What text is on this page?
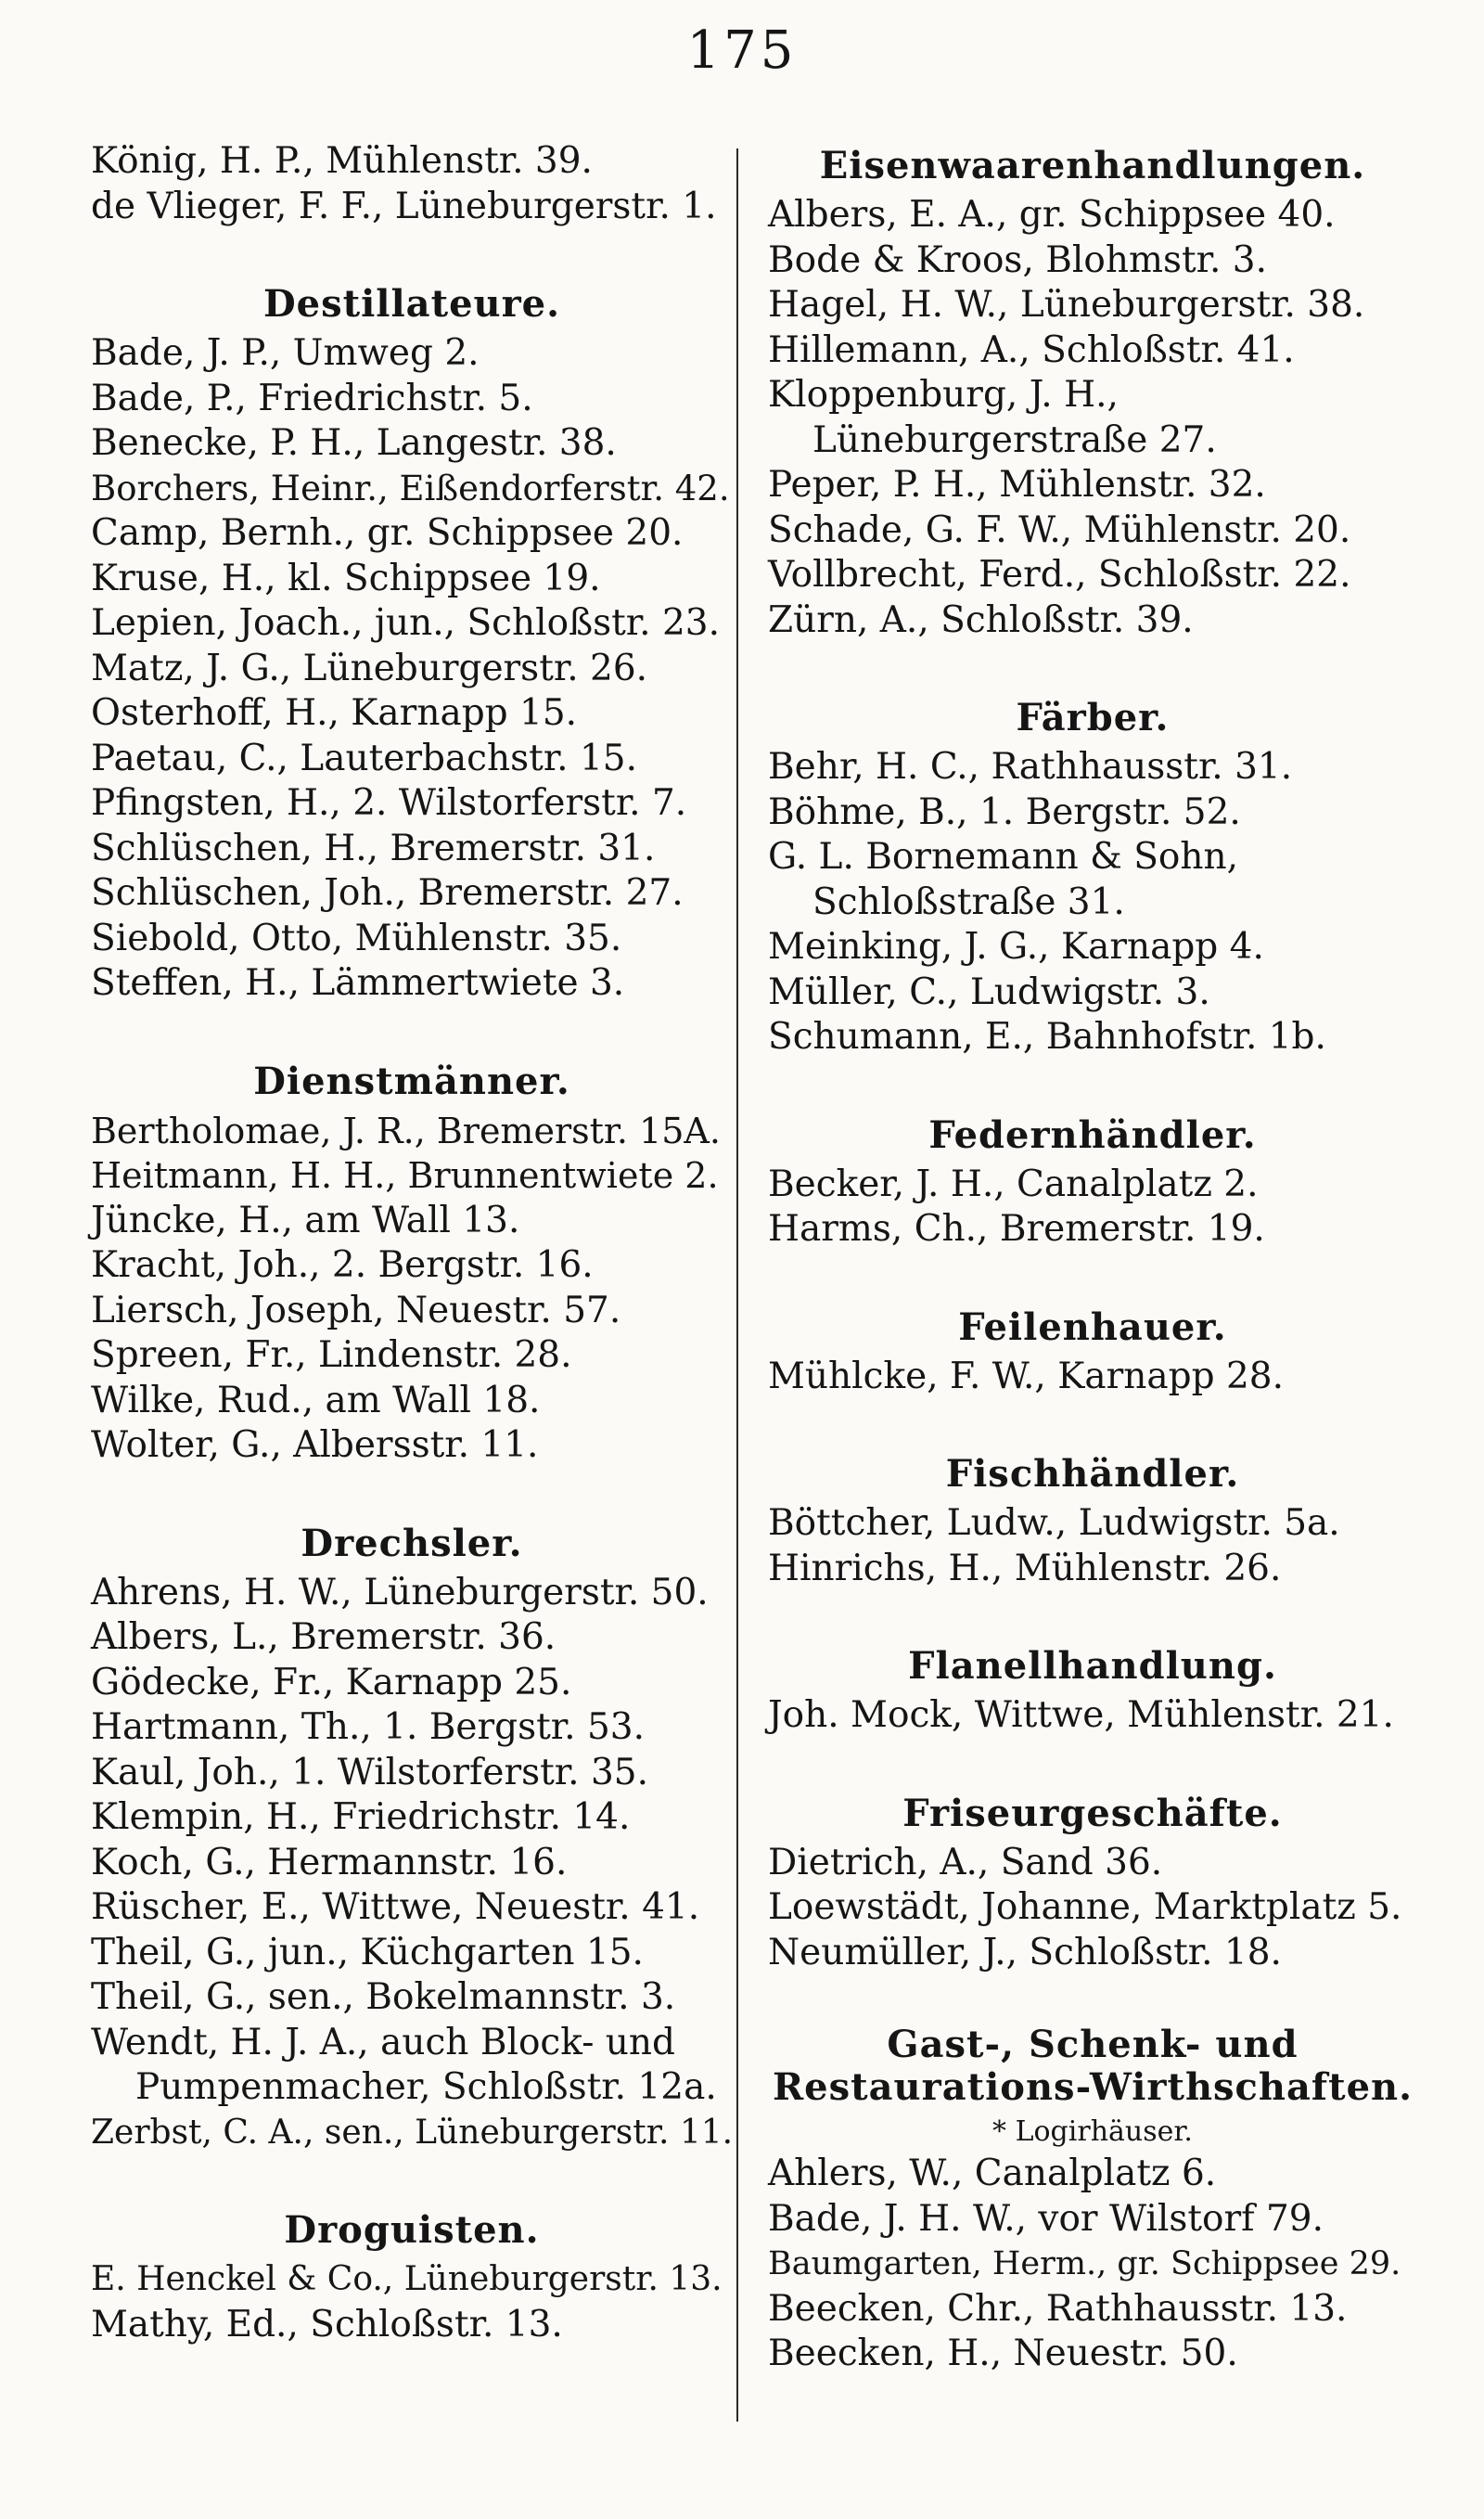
175
König, H. P., Mühlenstr. 39.
de Vlieger, F. F., Lüneburgerstr. 1.
Destillateure.
Bade, J. P., Umweg 2.
Bade, P., Friedrichstr. 5.
Benecke, P. H., Langestr. 38.
Borchers, Heinr., Eißendorferstr. 42.
Camp, Bernh., gr. Schippsee 20.
Kruse, H., kl. Schippsee 19.
Lepien, Joach., jun., Schloßstr. 23.
Matz, J. G., Lüneburgerstr. 26.
Osterhoff, H., Karnapp 15.
Paetau, C., Lauterbachstr. 15.
Pfingsten, H., 2. Wilstorferstr. 7.
Schlüschen, H., Bremerstr. 31.
Schlüschen, Joh., Bremerstr. 27.
Siebold, Otto, Mühlenstr. 35.
Steffen, H., Lämmertwiete 3.
Dienstmänner.
Bertholomae, J. R., Bremerstr. 15A.
Heitmann, H. H., Brunnentwiete 2.
Jüncke, H., am Wall 13.
Kracht, Joh., 2. Bergstr. 16.
Liersch, Joseph, Neuestr. 57.
Spreen, Fr., Lindenstr. 28.
Wilke, Rud., am Wall 18.
Wolter, G., Albersstr. 11.
Drechsler.
Ahrens, H. W., Lüneburgerstr. 50.
Albers, L., Bremerstr. 36.
Gödecke, Fr., Karnapp 25.
Hartmann, Th., 1. Bergstr. 53.
Kaul, Joh., 1. Wilstorferstr. 35.
Klempin, H., Friedrichstr. 14.
Koch, G., Hermannstr. 16.
Rüscher, E., Wittwe, Neuestr. 41.
Theil, G., jun., Küchgarten 15.
Theil, G., sen., Bokelmannstr. 3.
Wendt, H. J. A., auch Block- und Pumpenmacher, Schloßstr. 12a.
Zerbst, C. A., sen., Lüneburgerstr. 11.
Droguisten.
E. Henckel & Co., Lüneburgerstr. 13.
Mathy, Ed., Schloßstr. 13.
Eisenwaarenhandlungen.
Albers, E. A., gr. Schippsee 40.
Bode & Kroos, Blohmstr. 3.
Hagel, H. W., Lüneburgerstr. 38.
Hillemann, A., Schloßstr. 41.
Kloppenburg, J. H., Lüneburgerstraße 27.
Peper, P. H., Mühlenstr. 32.
Schade, G. F. W., Mühlenstr. 20.
Vollbrecht, Ferd., Schloßstr. 22.
Zürn, A., Schloßstr. 39.
Färber.
Behr, H. C., Rathhausstr. 31.
Böhme, B., 1. Bergstr. 52.
G. L. Bornemann & Sohn, Schloßstraße 31.
Meinking, J. G., Karnapp 4.
Müller, C., Ludwigstr. 3.
Schumann, E., Bahnhofstr. 1b.
Federnhändler.
Becker, J. H., Canalplatz 2.
Harms, Ch., Bremerstr. 19.
Feilenhauer.
Mühlcke, F. W., Karnapp 28.
Fischhändler.
Böttcher, Ludw., Ludwigstr. 5a.
Hinrichs, H., Mühlenstr. 26.
Flanellhandlung.
Joh. Mock, Wittwe, Mühlenstr. 21.
Friseurgeschäfte.
Dietrich, A., Sand 36.
Loewstädt, Johanne, Marktplatz 5.
Neumüller, J., Schloßstr. 18.
Gast-, Schenk- und Restaurations-Wirthschaften.
* Logirhäuser.
Ahlers, W., Canalplatz 6.
Bade, J. H. W., vor Wilstorf 79.
Baumgarten, Herm., gr. Schippsee 29.
Beecken, Chr., Rathhausstr. 13.
Beecken, H., Neuestr. 50.
